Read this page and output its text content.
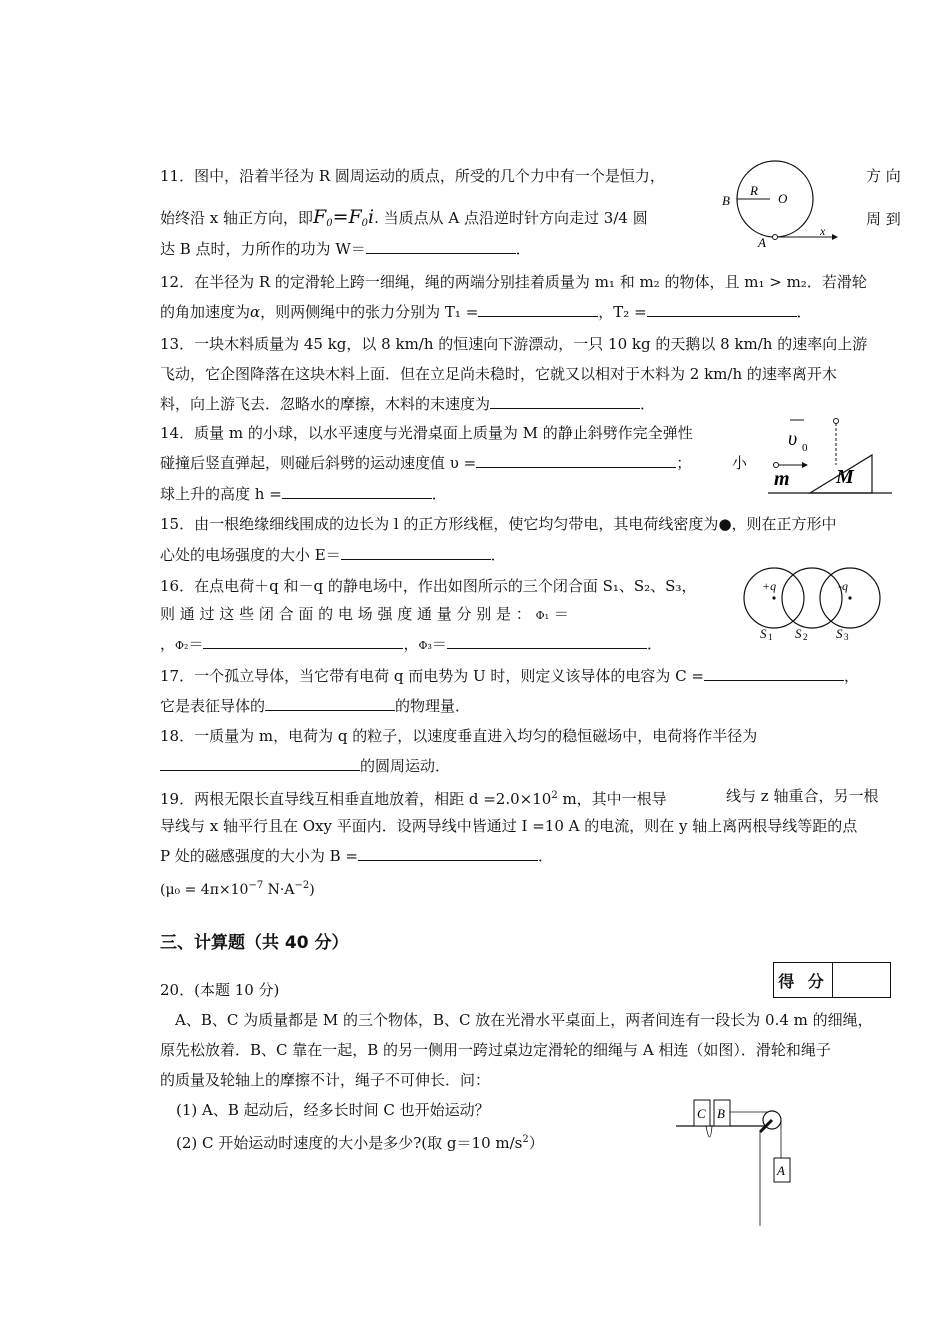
11．图中，沿着半径为 R 圆周运动的质点，所受的几个力中有一个是恒力，	方 向
始终沿 x 轴正方向，即$F_0=F_0i$. 当质点从 A 点沿逆时针方向走过 3/4 圆	周 到
达 B 点时，力所作的功为 W＝	．
B
R
O
A
x
12．在半径为 R 的定滑轮上跨一细绳，绳的两端分别挂着质量为 m₁ 和 m₂ 的物体，且 m₁ > m₂．若滑轮
的角加速度为α，则两侧绳中的张力分别为 T₁ =	，T₂ =	．
13．一块木料质量为 45 kg，以 8 km/h 的恒速向下游漂动，一只 10 kg 的天鹅以 8 km/h 的速率向上游
飞动，它企图降落在这块木料上面．但在立足尚未稳时，它就又以相对于木料为 2 km/h 的速率离开木
料，向上游飞去．忽略水的摩擦，木料的末速度为	．
14．质量 m 的小球，以水平速度与光滑桌面上质量为 M 的静止斜劈作完全弹性
碰撞后竖直弹起，则碰后斜劈的运动速度值 υ =	；	小
球上升的高度 h =	．
υ 0
m M
15．由一根绝缘细线围成的边长为 l 的正方形线框，使它均匀带电，其电荷线密度为●，则在正方形中
心处的电场强度的大小 E＝	．
16．在点电荷＋q 和－q 的静电场中，作出如图所示的三个闭合面 S₁、S₂、S₃，
则 通 过 这 些 闭 合 面 的 电 场 强 度 通 量 分 别 是 ： Φ₁ ＝
，Φ₂＝	，Φ₃＝	．
+q	-q
S 1 S 2 S 3
17．一个孤立导体，当它带有电荷 q 而电势为 U 时，则定义该导体的电容为 C =	，
它是表征导体的	的物理量．
18．一质量为 m，电荷为 q 的粒子，以速度垂直进入均匀的稳恒磁场中，电荷将作半径为
的圆周运动．
19．两根无限长直导线互相垂直地放着，相距 $d =2.0\times 10^2$ m，其中一根导	线与 z 轴重合，另一根
导线与 x 轴平行且在 Oxy 平面内．设两导线中皆通过 I =10 A 的电流，则在 y 轴上离两根导线等距的点
P 处的磁感强度的大小为 B =	．
($\mu_0 = 4\pi\times 10^{-7}$ $N\cdot A^{-2}$)
三、计算题（共 40 分）
得 分
20．(本题 10 分)
A、B、C 为质量都是 M 的三个物体，B、C 放在光滑水平桌面上，两者间连有一段长为 0.4 m 的细绳，
原先松放着．B、C 靠在一起，B 的另一侧用一跨过桌边定滑轮的细绳与 A 相连（如图）．滑轮和绳子
的质量及轮轴上的摩擦不计，绳子不可伸长．问：
(1) A、B 起动后，经多长时间 C 也开始运动？
(2) C 开始运动时速度的大小是多少?(取 g＝10 $m/s^2$）
C B
A
